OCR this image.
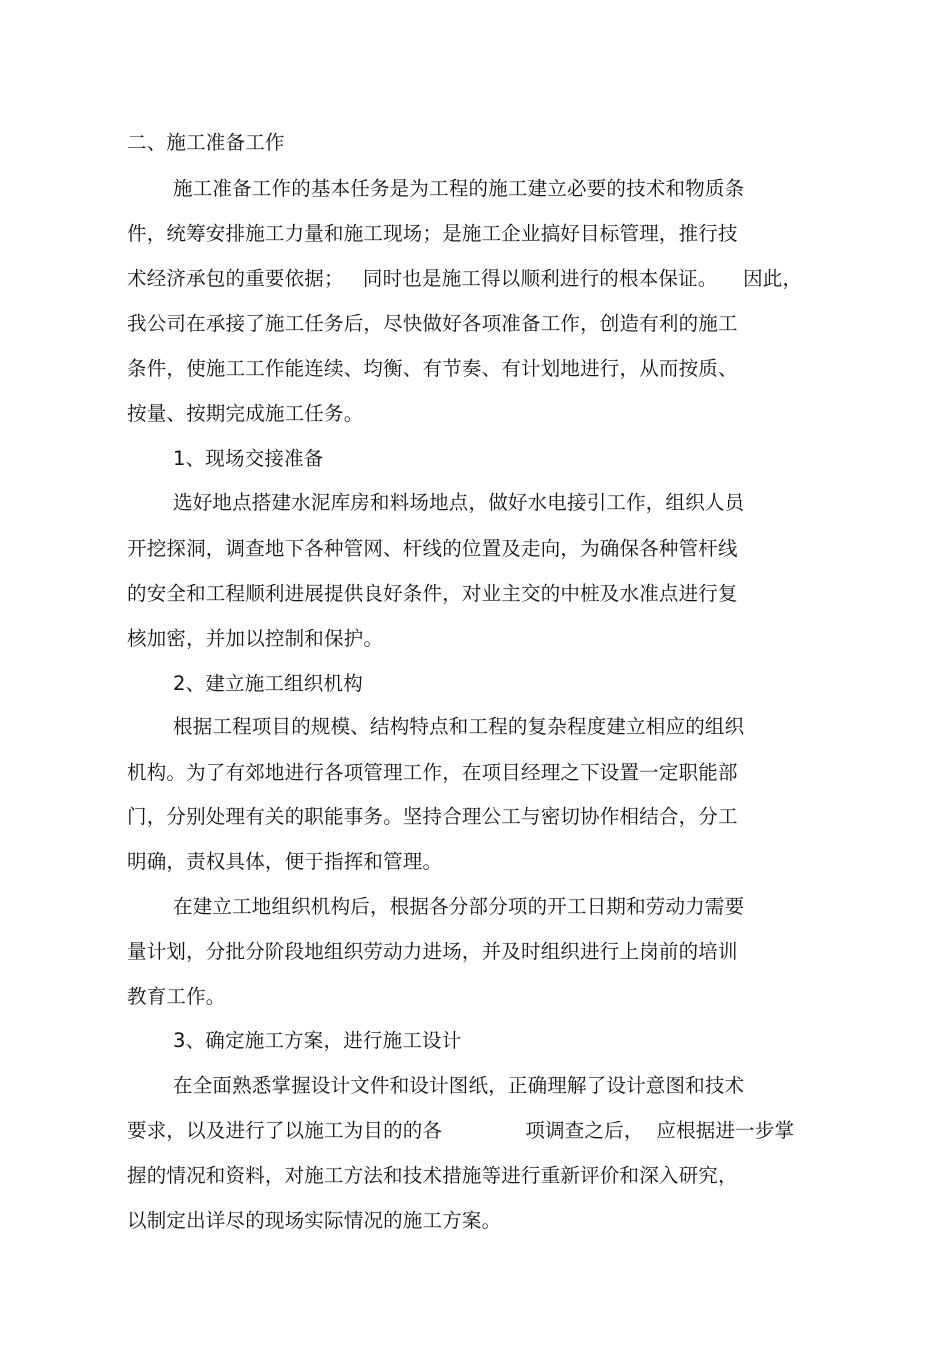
二、施工准备工作
施工准备工作的基本任务是为工程的施工建立必要的技术和物质条
件，统筹安排施工力量和施工现场；是施工企业搞好目标管理，推行技
术经济承包的重要依据；   同时也是施工得以顺利进行的根本保证。    因此，
我公司在承接了施工任务后，尽快做好各项准备工作，创造有利的施工
条件，使施工工作能连续、均衡、有节奏、有计划地进行，从而按质、
按量、按期完成施工任务。
1、现场交接准备
选好地点搭建水泥库房和料场地点，做好水电接引工作，组织人员
开挖探洞，调查地下各种管网、杆线的位置及走向，为确保各种管杆线
的安全和工程顺利进展提供良好条件，对业主交的中桩及水准点进行复
核加密，并加以控制和保护。
2、建立施工组织机构
根据工程项目的规模、结构特点和工程的复杂程度建立相应的组织
机构。为了有郊地进行各项管理工作，在项目经理之下设置一定职能部
门，分别处理有关的职能事务。坚持合理公工与密切协作相结合，分工
明确，责权具体，便于指挥和管理。
在建立工地组织机构后，根据各分部分项的开工日期和劳动力需要
量计划，分批分阶段地组织劳动力进场，并及时组织进行上岗前的培训
教育工作。
3、确定施工方案，进行施工设计
在全面熟悉掌握设计文件和设计图纸，正确理解了设计意图和技术
要求，以及进行了以施工为目的的各             项调查之后，  应根据进一步掌
握的情况和资料，对施工方法和技术措施等进行重新评价和深入研究，
以制定出详尽的现场实际情况的施工方案。
